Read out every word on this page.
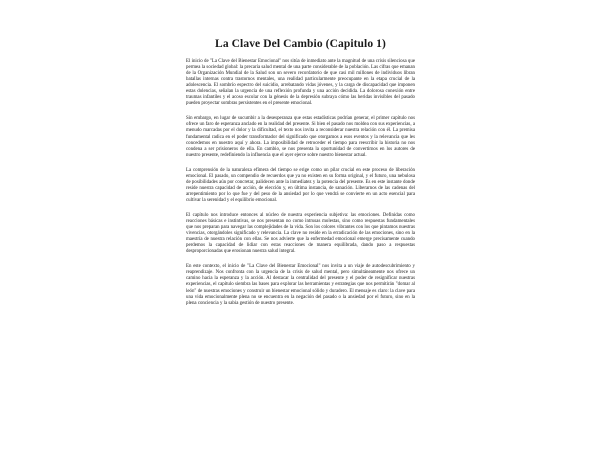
La Clave Del Cambio (Capitulo 1)

El inicio de "La Clave del Bienestar Emocional" nos sitúa de inmediato ante la magnitud de una crisis silenciosa que permea la sociedad global: la precaria salud mental de una parte considerable de la población. Las cifras que emanan de la Organización Mundial de la Salud son un severo recordatorio de que casi mil millones de individuos libran batallas internas contra trastornos mentales, una realidad particularmente preocupante en la etapa crucial de la adolescencia. El sombrío espectro del suicidio, arrebatando vidas jóvenes, y la carga de discapacidad que imponen estas dolencias, señalan la urgencia de una reflexión profunda y una acción decidida. La dolorosa conexión entre traumas infantiles y el acoso escolar con la génesis de la depresión subraya cómo las heridas invisibles del pasado pueden proyectar sombras persistentes en el presente emocional.

Sin embargo, en lugar de sucumbir a la desesperanza que estas estadísticas podrían generar, el primer capítulo nos ofrece un faro de esperanza anclado en la realidad del presente. Si bien el pasado nos moldea con sus experiencias, a menudo marcadas por el dolor y la dificultad, el texto nos invita a reconsiderar nuestra relación con él. La premisa fundamental radica en el poder transformador del significado que otorgamos a esos eventos y la relevancia que les concedemos en nuestro aquí y ahora. La imposibilidad de retroceder el tiempo para reescribir la historia no nos condena a ser prisioneros de ella. En cambio, se nos presenta la oportunidad de convertirnos en los autores de nuestro presente, redefiniendo la influencia que el ayer ejerce sobre nuestro bienestar actual.

La comprensión de la naturaleza efímera del tiempo se erige como un pilar crucial en este proceso de liberación emocional. El pasado, un compendio de recuerdos que ya no existen en su forma original, y el futuro, una nebulosa de posibilidades aún por concretar, palidecen ante la inmediatez y la potencia del presente. Es en este instante donde reside nuestra capacidad de acción, de elección y, en última instancia, de sanación. Liberarnos de las cadenas del arrepentimiento por lo que fue y del peso de la ansiedad por lo que vendrá se convierte en un acto esencial para cultivar la serenidad y el equilibrio emocional.

El capítulo nos introduce entonces al núcleo de nuestra experiencia subjetiva: las emociones. Definidas como reacciones básicas e instintivas, se nos presentan no como intrusas molestas, sino como respuestas fundamentales que nos preparan para navegar las complejidades de la vida. Son los colores vibrantes con los que pintamos nuestras vivencias, otorgándoles significado y relevancia. La clave no reside en la erradicación de las emociones, sino en la maestría de nuestra relación con ellas. Se nos advierte que la enfermedad emocional emerge precisamente cuando perdemos la capacidad de lidiar con estas reacciones de manera equilibrada, dando paso a respuestas desproporcionadas que erosionan nuestra salud integral.

En este contexto, el inicio de "La Clave del Bienestar Emocional" nos invita a un viaje de autodescubrimiento y reaprendizaje. Nos confronta con la urgencia de la crisis de salud mental, pero simultáneamente nos ofrece un camino hacia la esperanza y la acción. Al destacar la centralidad del presente y el poder de resignificar nuestras experiencias, el capítulo siembra las bases para explorar las herramientas y estrategias que nos permitirán "domar al león" de nuestras emociones y construir un bienestar emocional sólido y duradero. El mensaje es claro: la clave para una vida emocionalmente plena no se encuentra en la negación del pasado o la ansiedad por el futuro, sino en la plena conciencia y la sabia gestión de nuestro presente.
